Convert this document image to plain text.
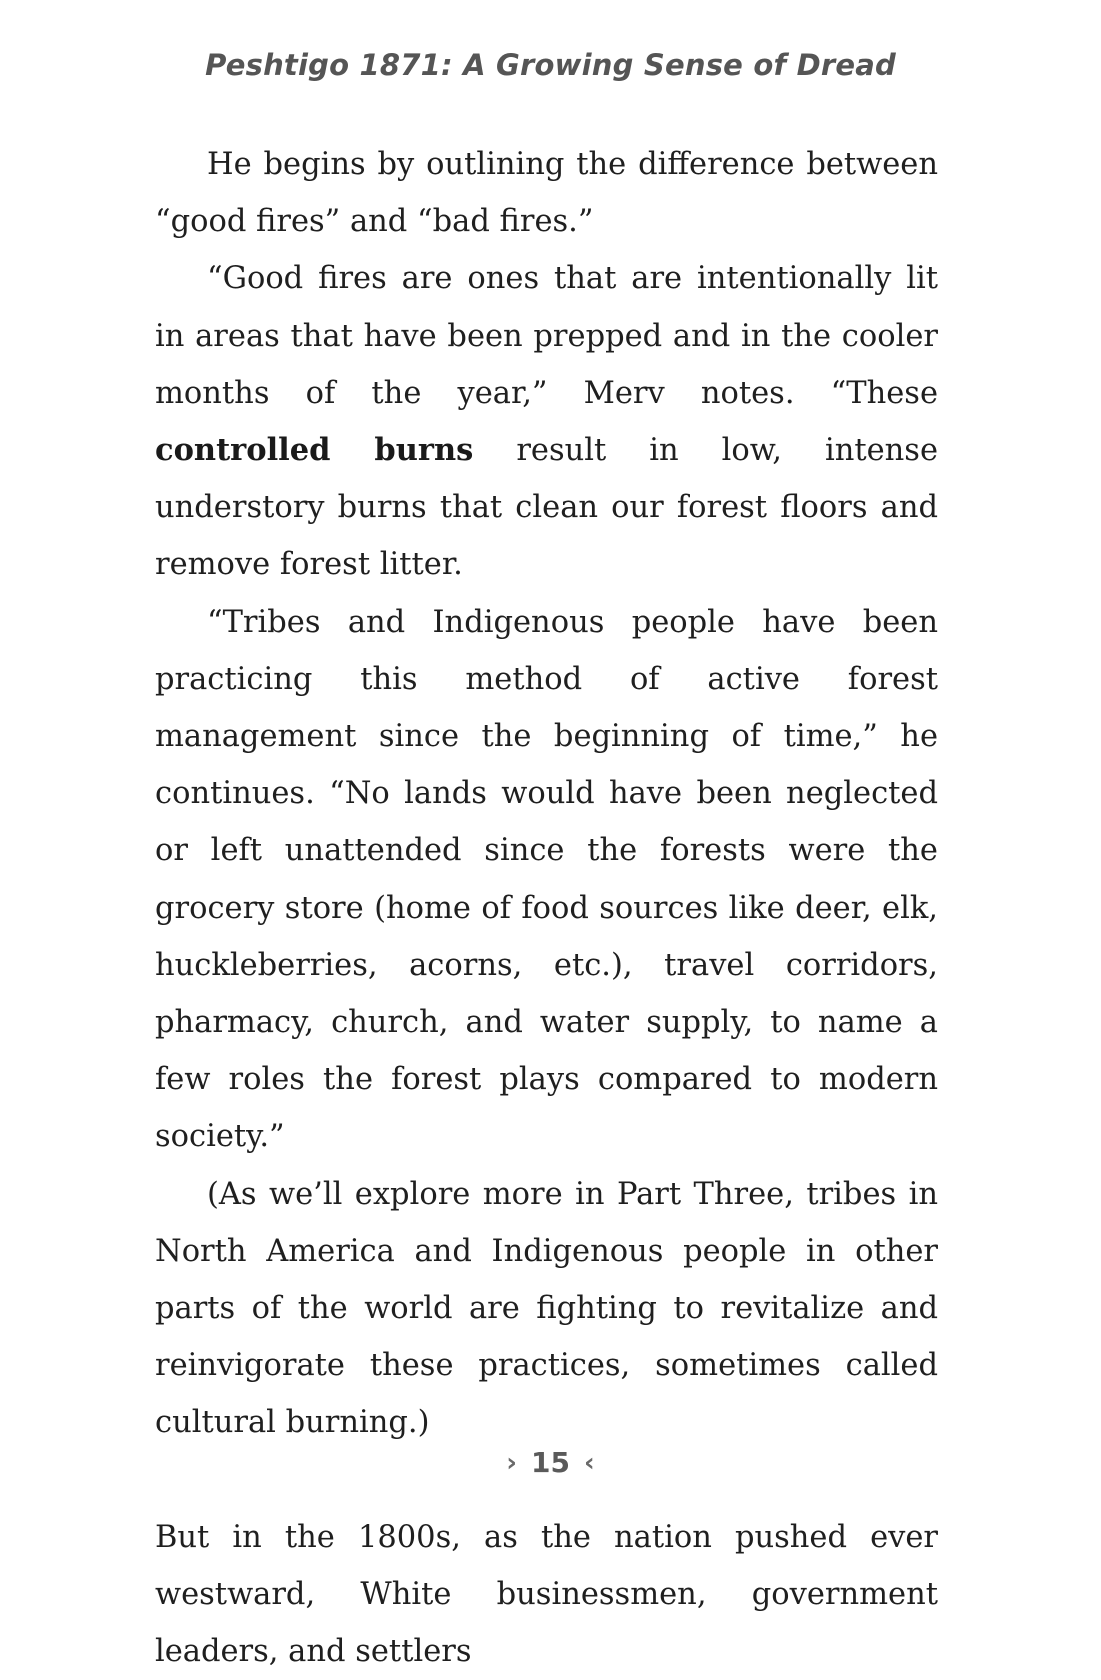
Peshtigo 1871: A Growing Sense of Dread

He begins by outlining the difference between “good fires” and “bad fires.”

“Good fires are ones that are intentionally lit in areas that have been prepped and in the cooler months of the year,” Merv notes. “These controlled burns result in low, intense understory burns that clean our forest floors and remove forest litter.

“Tribes and Indigenous people have been practicing this method of active forest management since the beginning of time,” he continues. “No lands would have been neglected or left unattended since the forests were the grocery store (home of food sources like deer, elk, huckleberries, acorns, etc.), travel corridors, pharmacy, church, and water supply, to name a few roles the forest plays compared to modern society.”

(As we’ll explore more in Part Three, tribes in North America and Indigenous people in other parts of the world are fighting to revitalize and reinvigorate these practices, sometimes called cultural burning.)

But in the 1800s, as the nation pushed ever westward, White businessmen, government leaders, and settlers

› 15 ‹
